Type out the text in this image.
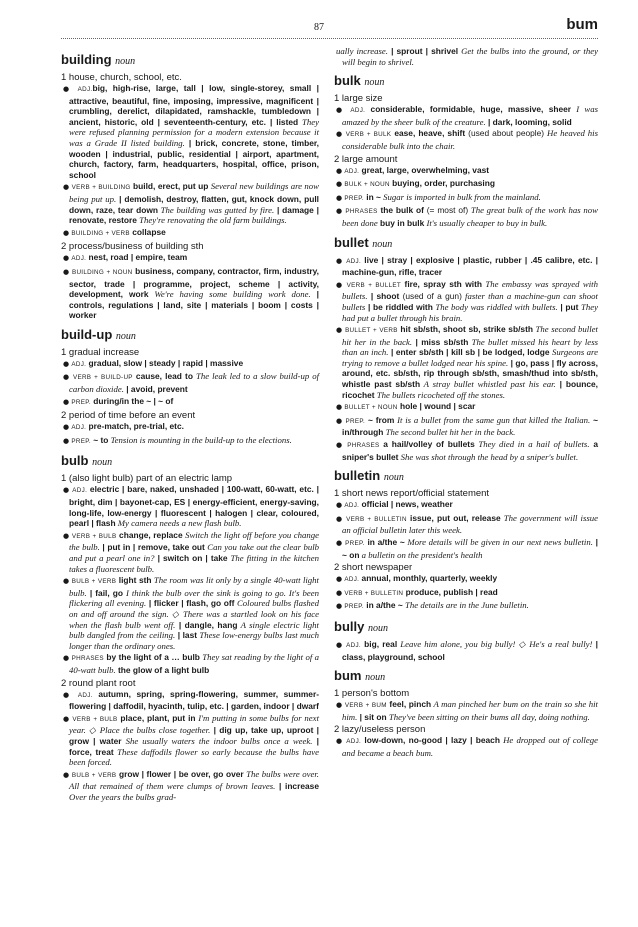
87	bum
building noun
1 house, church, school, etc.
● ADJ.big, high-rise, large, tall | low, single-storey, small | attractive, beautiful, fine, imposing, impressive, magnificent | crumbling, derelict, dilapidated, ramshackle, tumbledown | ancient, historic, old | seventeenth-century, etc. | listed They were refused planning permission for a modern extension because it was a Grade II listed building. | brick, concrete, stone, timber, wooden | industrial, public, residential | airport, apartment, church, factory, farm, headquarters, hospital, office, prison, school
● VERB + BUILDING build, erect, put up Several new buildings are now being put up. | demolish, destroy, flatten, gut, knock down, pull down, raze, tear down The building was gutted by fire. | damage | renovate, restore They're renovating the old farm buildings.
● BUILDING + VERB collapse
2 process/business of building sth
● ADJ. nest, road | empire, team
● BUILDING + NOUN business, company, contractor, firm, industry, sector, trade | programme, project, scheme | activity, development, work We're having some building work done. | controls, regulations | land, site | materials | boom | costs | worker
build-up noun
1 gradual increase
● ADJ. gradual, slow | steady | rapid | massive
● VERB + BUILD-UP cause, lead to The leak led to a slow build-up of carbon dioxide. | avoid, prevent
● PREP. during/in the ~ | ~ of
2 period of time before an event
● ADJ. pre-match, pre-trial, etc.
● PREP. ~ to Tension is mounting in the build-up to the elections.
bulb noun
1 (also light bulb) part of an electric lamp
● ADJ. electric | bare, naked, unshaded | 100-watt, 60-watt, etc. | bright, dim | bayonet-cap, ES | energy-efficient, energy-saving, long-life, low-energy | fluorescent | halogen | clear, coloured, pearl | flash My camera needs a new flash bulb.
● VERB + BULB change, replace Switch the light off before you change the bulb. | put in | remove, take out Can you take out the clear bulb and put a pearl one in? | switch on | take The fitting in the kitchen takes a fluorescent bulb.
● BULB + VERB light sth The room was lit only by a single 40-watt light bulb. | fail, go I think the bulb over the sink is going to go. It's been flickering all evening. | flicker | flash, go off Coloured bulbs flashed on and off around the sign. ◇ There was a startled look on his face when the flash bulb went off. | dangle, hang A single electric light bulb dangled from the ceiling. | last These low-energy bulbs last much longer than the ordinary ones.
● PHRASES by the light of a … bulb They sat reading by the light of a 40-watt bulb. the glow of a light bulb
2 round plant root
● ADJ. autumn, spring, spring-flowering, summer, summer-flowering | daffodil, hyacinth, tulip, etc. | garden, indoor | dwarf
● VERB + BULB place, plant, put in I'm putting in some bulbs for next year. ◇ Place the bulbs close together. | dig up, take up, uproot | grow | water She usually waters the indoor bulbs once a week. | force, treat These daffodils flower so early because the bulbs have been forced.
● BULB + VERB grow | flower | be over, go over The bulbs were over. All that remained of them were clumps of brown leaves. | increase Over the years the bulbs grad-
ually increase. | sprout | shrivel Get the bulbs into the ground, or they will begin to shrivel.
bulk noun
1 large size
● ADJ. considerable, formidable, huge, massive, sheer I was amazed by the sheer bulk of the creature. | dark, looming, solid
● VERB + BULK ease, heave, shift (used about people) He heaved his considerable bulk into the chair.
2 large amount
● ADJ. great, large, overwhelming, vast
● BULK + NOUN buying, order, purchasing
● PREP. in ~ Sugar is imported in bulk from the mainland.
● PHRASES the bulk of (= most of) The great bulk of the work has now been done buy in bulk It's usually cheaper to buy in bulk.
bullet noun
● ADJ. live | stray | explosive | plastic, rubber | .45 calibre, etc. | machine-gun, rifle, tracer
● VERB + BULLET fire, spray sth with The embassy was sprayed with bullets. | shoot (used of a gun) faster than a machine-gun can shoot bullets | be riddled with The body was riddled with bullets. | put They had put a bullet through his brain.
● BULLET + VERB hit sb/sth, shoot sb, strike sb/sth The second bullet hit her in the back. | miss sb/sth The bullet missed his heart by less than an inch. | enter sb/sth | kill sb | be lodged, lodge Surgeons are trying to remove a bullet lodged near his spine. | go, pass | fly across, around, etc. sb/sth, rip through sb/sth, smash/thud into sb/sth, whistle past sb/sth A stray bullet whistled past his ear. | bounce, ricochet The bullets ricocheted off the stones.
● BULLET + NOUN hole | wound | scar
● PREP. ~ from It is a bullet from the same gun that killed the Italian. ~ in/through The second bullet hit her in the back.
● PHRASES a hail/volley of bullets They died in a hail of bullets. a sniper's bullet She was shot through the head by a sniper's bullet.
bulletin noun
1 short news report/official statement
● ADJ. official | news, weather
● VERB + BULLETIN issue, put out, release The government will issue an official bulletin later this week.
● PREP. in a/the ~ More details will be given in our next news bulletin. | ~ on a bulletin on the president's health
2 short newspaper
● ADJ. annual, monthly, quarterly, weekly
● VERB + BULLETIN produce, publish | read
● PREP. in a/the ~ The details are in the June bulletin.
bully noun
● ADJ. big, real Leave him alone, you big bully! ◇ He's a real bully! | class, playground, school
bum noun
1 person's bottom
● VERB + BUM feel, pinch A man pinched her bum on the train so she hit him. | sit on They've been sitting on their bums all day, doing nothing.
2 lazy/useless person
● ADJ. low-down, no-good | lazy | beach He dropped out of college and became a beach bum.
